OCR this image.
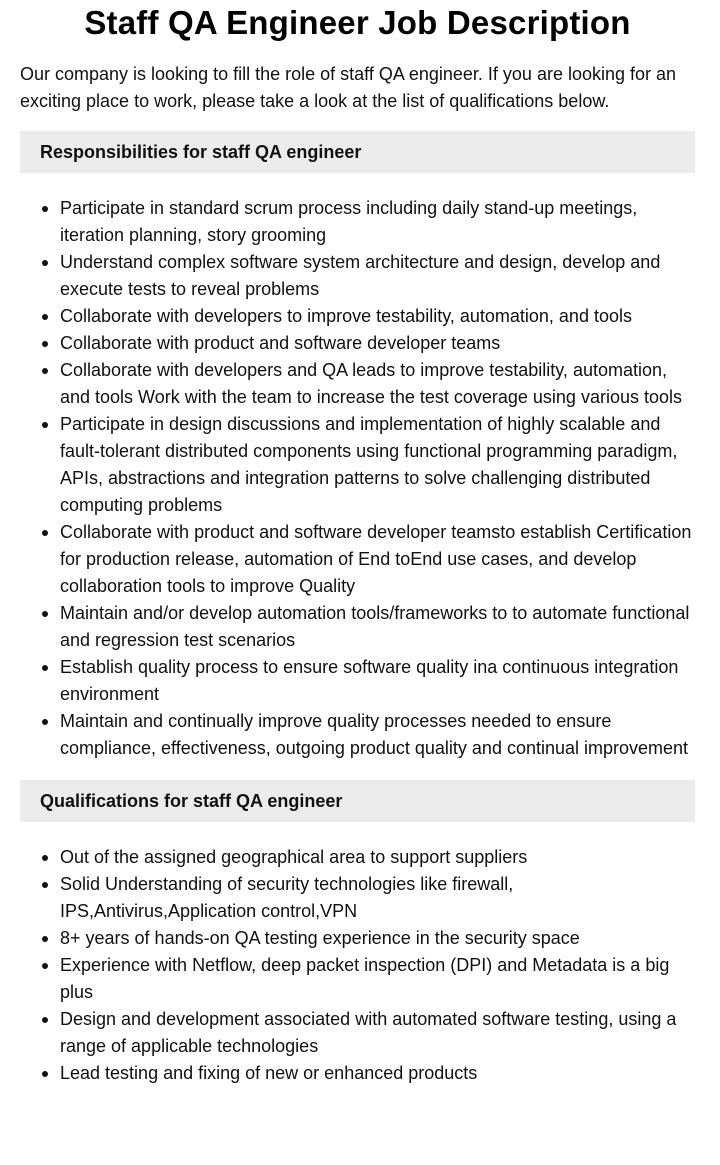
Staff QA Engineer Job Description

Our company is looking to fill the role of staff QA engineer. If you are looking for an exciting place to work, please take a look at the list of qualifications below.

Responsibilities for staff QA engineer
Participate in standard scrum process including daily stand-up meetings, iteration planning, story grooming
Understand complex software system architecture and design, develop and execute tests to reveal problems
Collaborate with developers to improve testability, automation, and tools
Collaborate with product and software developer teams
Collaborate with developers and QA leads to improve testability, automation, and tools Work with the team to increase the test coverage using various tools
Participate in design discussions and implementation of highly scalable and fault-tolerant distributed components using functional programming paradigm, APIs, abstractions and integration patterns to solve challenging distributed computing problems
Collaborate with product and software developer teamsto establish Certification for production release, automation of End toEnd use cases, and develop collaboration tools to improve Quality
Maintain and/or develop automation tools/frameworks to to automate functional and regression test scenarios
Establish quality process to ensure software quality ina continuous integration environment
Maintain and continually improve quality processes needed to ensure compliance, effectiveness, outgoing product quality and continual improvement
Qualifications for staff QA engineer
Out of the assigned geographical area to support suppliers
Solid Understanding of security technologies like firewall, IPS,Antivirus,Application control,VPN
8+ years of hands-on QA testing experience in the security space
Experience with Netflow, deep packet inspection (DPI) and Metadata is a big plus
Design and development associated with automated software testing, using a range of applicable technologies
Lead testing and fixing of new or enhanced products
